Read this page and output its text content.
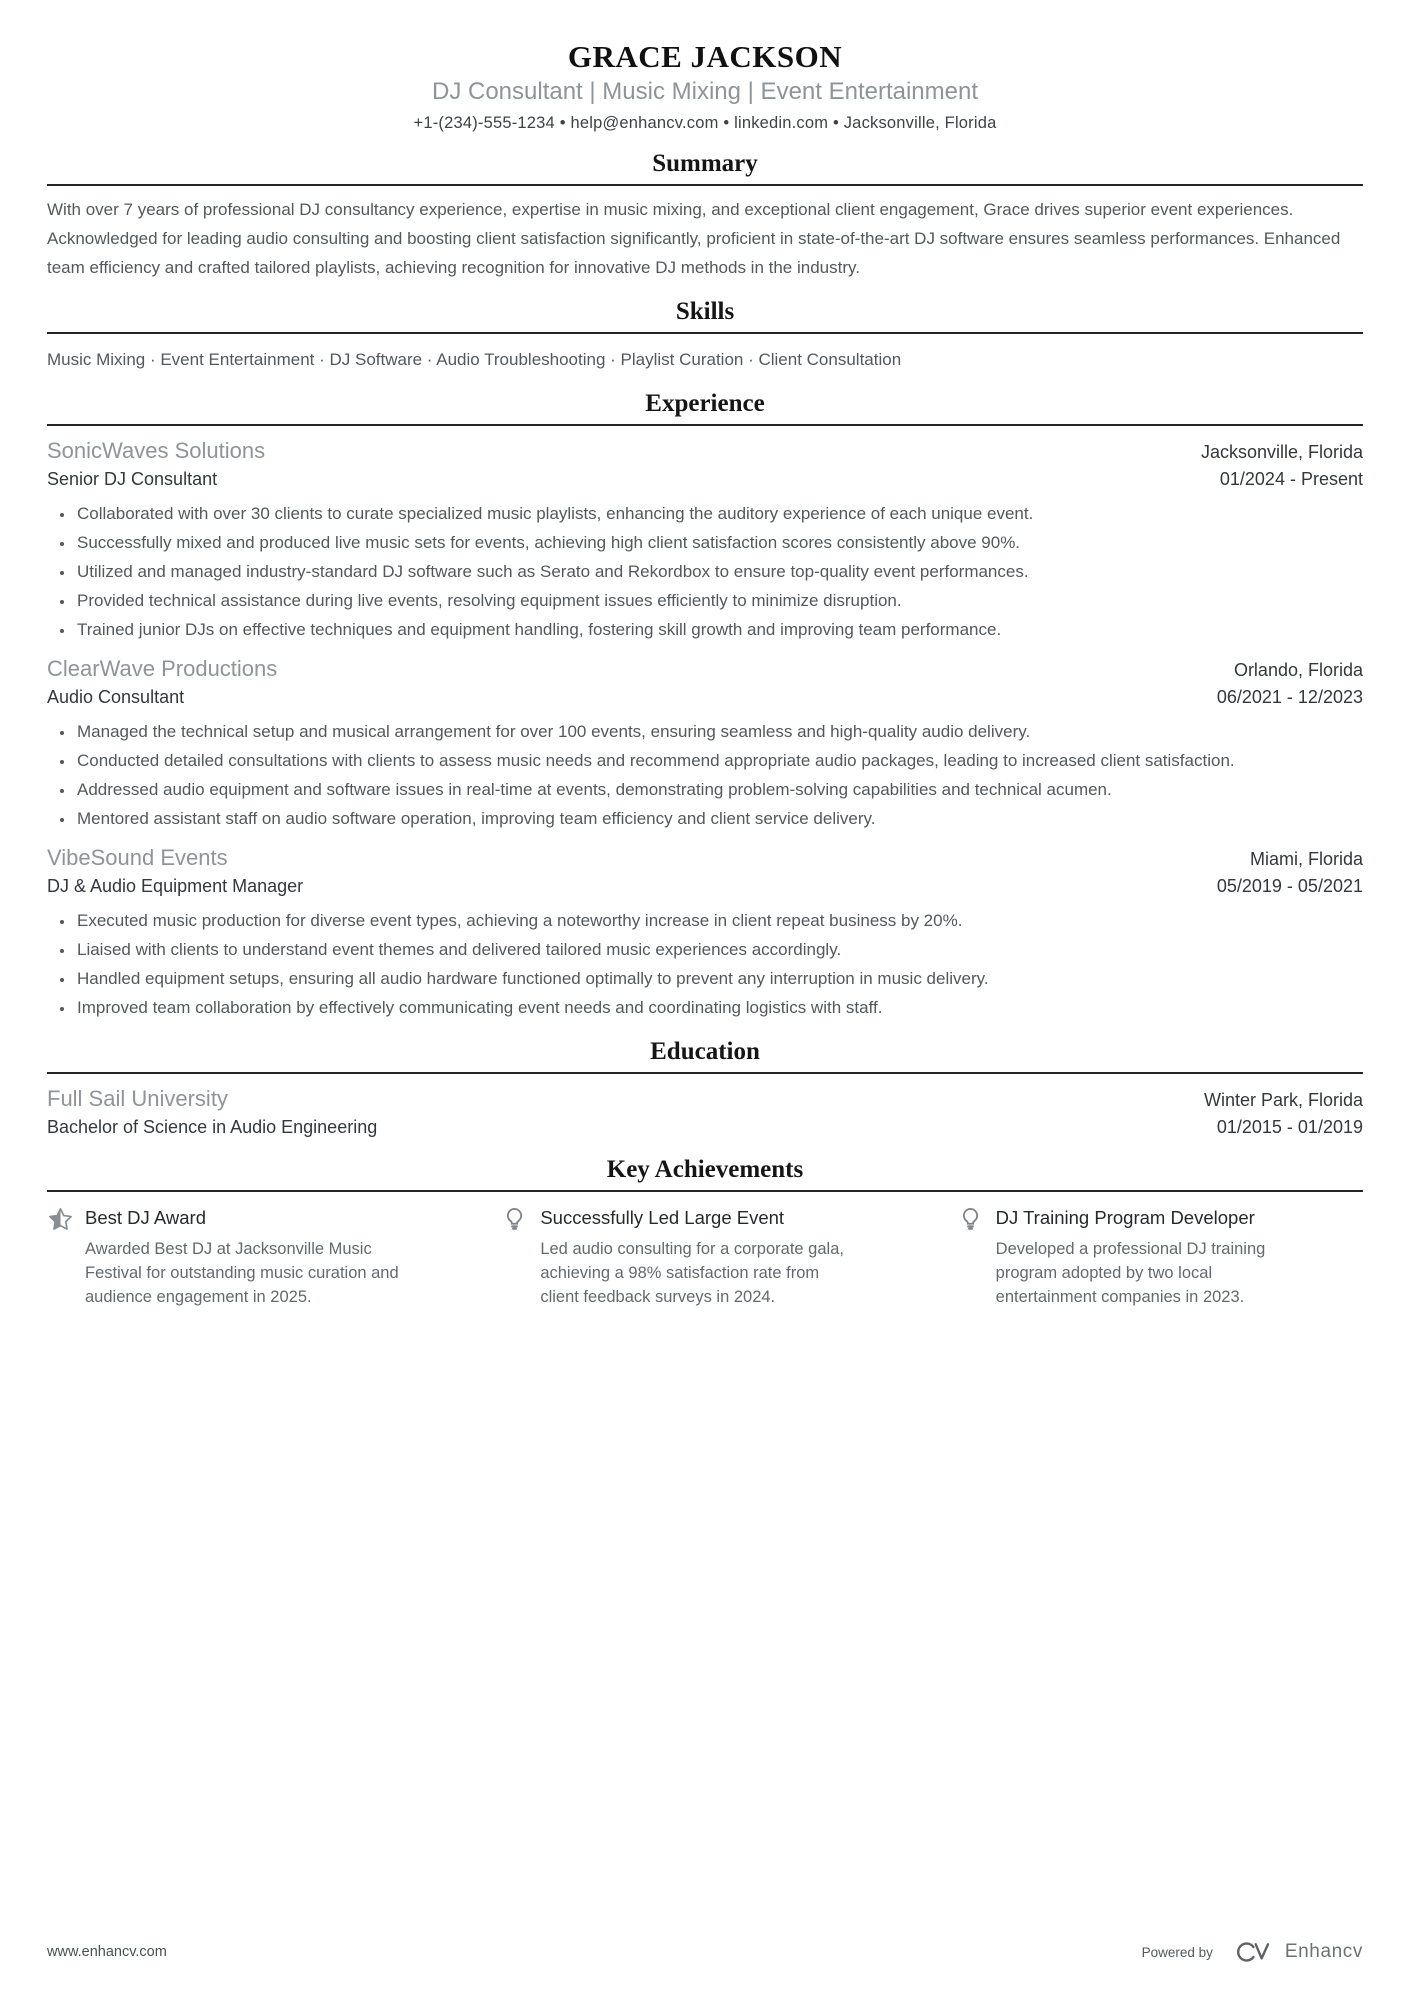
GRACE JACKSON
DJ Consultant | Music Mixing | Event Entertainment
+1-(234)-555-1234 • help@enhancv.com • linkedin.com • Jacksonville, Florida
Summary

With over 7 years of professional DJ consultancy experience, expertise in music mixing, and exceptional client engagement, Grace drives superior event experiences. Acknowledged for leading audio consulting and boosting client satisfaction significantly, proficient in state-of-the-art DJ software ensures seamless performances. Enhanced team efficiency and crafted tailored playlists, achieving recognition for innovative DJ methods in the industry.

Skills

Music Mixing · Event Entertainment · DJ Software · Audio Troubleshooting · Playlist Curation · Client Consultation

Experience
SonicWaves Solutions	Jacksonville, Florida
Senior DJ Consultant	01/2024 - Present
• Collaborated with over 30 clients to curate specialized music playlists, enhancing the auditory experience of each unique event.
• Successfully mixed and produced live music sets for events, achieving high client satisfaction scores consistently above 90%.
• Utilized and managed industry-standard DJ software such as Serato and Rekordbox to ensure top-quality event performances.
• Provided technical assistance during live events, resolving equipment issues efficiently to minimize disruption.
• Trained junior DJs on effective techniques and equipment handling, fostering skill growth and improving team performance.
ClearWave Productions	Orlando, Florida
Audio Consultant	06/2021 - 12/2023
• Managed the technical setup and musical arrangement for over 100 events, ensuring seamless and high-quality audio delivery.
• Conducted detailed consultations with clients to assess music needs and recommend appropriate audio packages, leading to increased client satisfaction.
• Addressed audio equipment and software issues in real-time at events, demonstrating problem-solving capabilities and technical acumen.
• Mentored assistant staff on audio software operation, improving team efficiency and client service delivery.
VibeSound Events	Miami, Florida
DJ & Audio Equipment Manager	05/2019 - 05/2021
• Executed music production for diverse event types, achieving a noteworthy increase in client repeat business by 20%.
• Liaised with clients to understand event themes and delivered tailored music experiences accordingly.
• Handled equipment setups, ensuring all audio hardware functioned optimally to prevent any interruption in music delivery.
• Improved team collaboration by effectively communicating event needs and coordinating logistics with staff.
Education
Full Sail University	Winter Park, Florida
Bachelor of Science in Audio Engineering	01/2015 - 01/2019
Key Achievements
Best DJ Award
Awarded Best DJ at Jacksonville Music Festival for outstanding music curation and audience engagement in 2025.
Successfully Led Large Event
Led audio consulting for a corporate gala, achieving a 98% satisfaction rate from client feedback surveys in 2024.
DJ Training Program Developer
Developed a professional DJ training program adopted by two local entertainment companies in 2023.
www.enhancv.com	Powered by	Enhancv
